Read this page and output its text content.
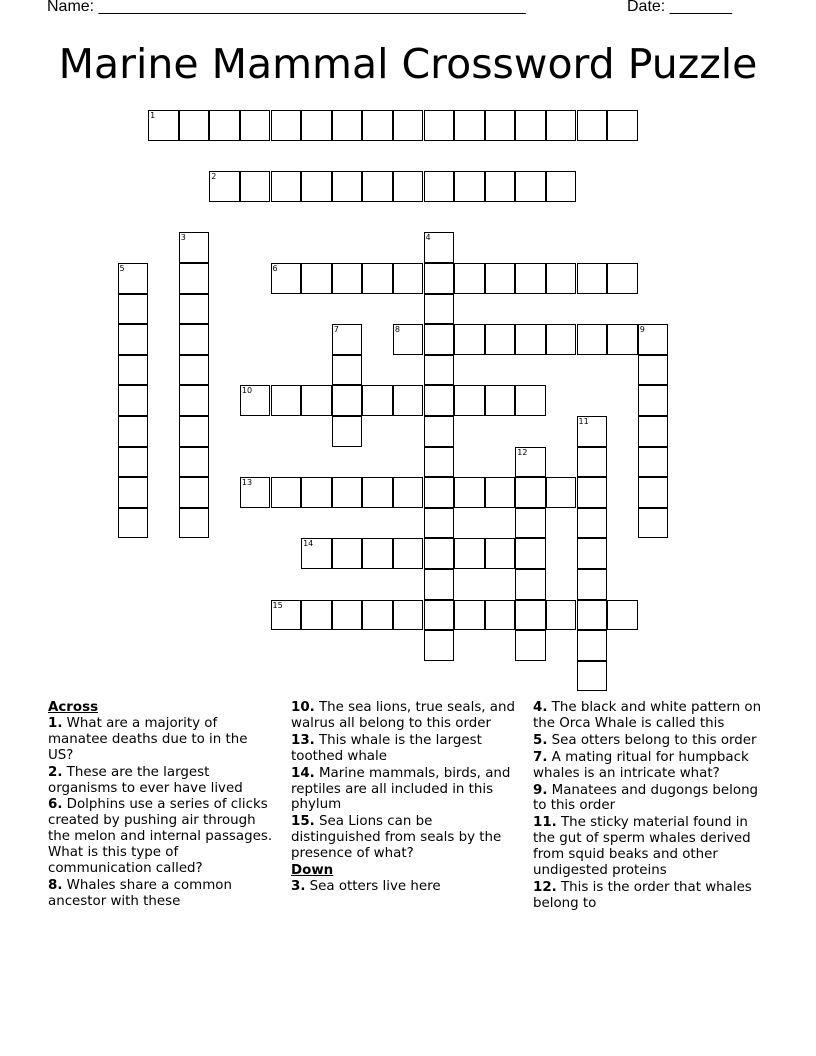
Name: ________________________________________________	Date: _______
Marine Mammal Crossword Puzzle
1
2
3	4
5	6
7	8	9
10
11
12
13
14
15
Across
1. What are a majority of manatee deaths due to in the US?
2. These are the largest organisms to ever have lived
6. Dolphins use a series of clicks created by pushing air through the melon and internal passages. What is this type of communication called?
8. Whales share a common ancestor with these
10. The sea lions, true seals, and walrus all belong to this order
13. This whale is the largest toothed whale
14. Marine mammals, birds, and reptiles are all included in this phylum
15. Sea Lions can be distinguished from seals by the presence of what?
Down
3. Sea otters live here
4. The black and white pattern on the Orca Whale is called this
5. Sea otters belong to this order
7. A mating ritual for humpback whales is an intricate what?
9. Manatees and dugongs belong to this order
11. The sticky material found in the gut of sperm whales derived from squid beaks and other undigested proteins
12. This is the order that whales belong to
